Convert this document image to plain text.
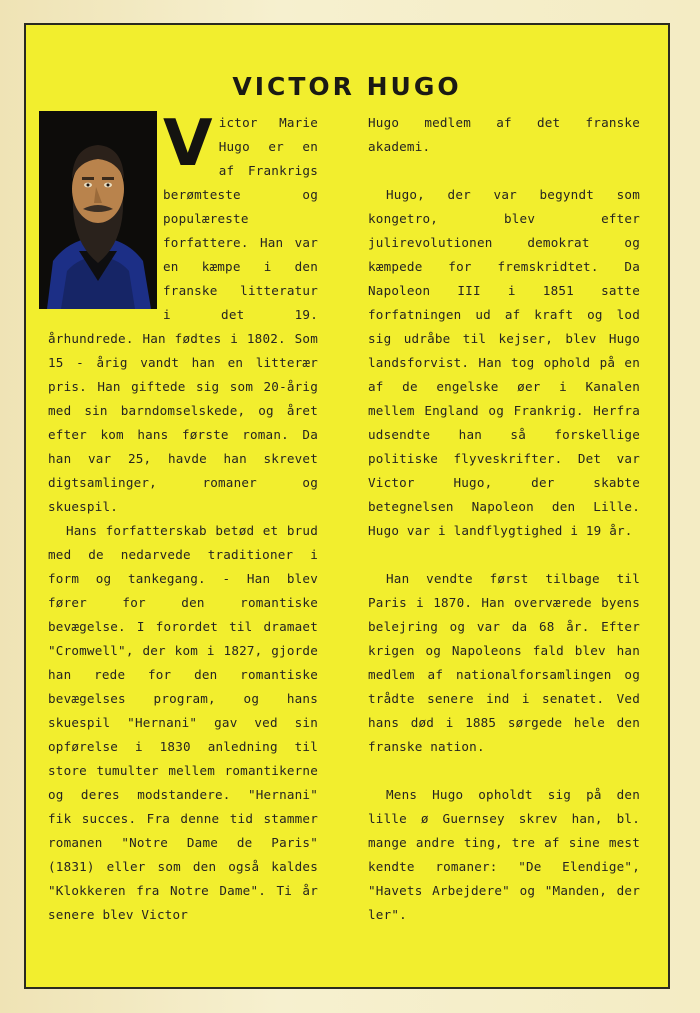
VICTOR HUGO

V ictor Marie Hugo er en af Frankrigs berømteste og populæreste forfattere. Han var en kæmpe i den franske litteratur i det 19. århundrede. Han fødtes i 1802. Som 15 - årig vandt han en litterær pris. Han giftede sig som 20-årig med sin barndomselskede, og året efter kom hans første roman. Da han var 25, havde han skrevet digtsamlinger, romaner og skuespil.

Hans forfatterskab betød et brud med de nedarvede traditioner i form og tankegang. - Han blev fører for den romantiske bevægelse. I forordet til dramaet "Cromwell", der kom i 1827, gjorde han rede for den romantiske bevægelses program, og hans skuespil "Hernani" gav ved sin opførelse i 1830 anledning til store tumulter mellem romantikerne og deres modstandere. "Hernani" fik succes. Fra denne tid stammer romanen "Notre Dame de Paris" (1831) eller som den også kaldes "Klokkeren fra Notre Dame". Ti år senere blev Victor

Hugo medlem af det franske akademi.

Hugo, der var begyndt som kongetro, blev efter julirevolutionen demokrat og kæmpede for fremskridtet. Da Napoleon III i 1851 satte forfatningen ud af kraft og lod sig udråbe til kejser, blev Hugo landsforvist. Han tog ophold på en af de engelske øer i Kanalen mellem England og Frankrig. Herfra udsendte han så forskellige politiske flyveskrifter. Det var Victor Hugo, der skabte betegnelsen Napoleon den Lille. Hugo var i landflygtighed i 19 år.

Han vendte først tilbage til Paris i 1870. Han overværede byens belejring og var da 68 år. Efter krigen og Napoleons fald blev han medlem af nationalforsamlingen og trådte senere ind i senatet. Ved hans død i 1885 sørgede hele den franske nation.

Mens Hugo opholdt sig på den lille ø Guernsey skrev han, bl. mange andre ting, tre af sine mest kendte romaner: "De Elendige", "Havets Arbejdere" og "Manden, der ler".
